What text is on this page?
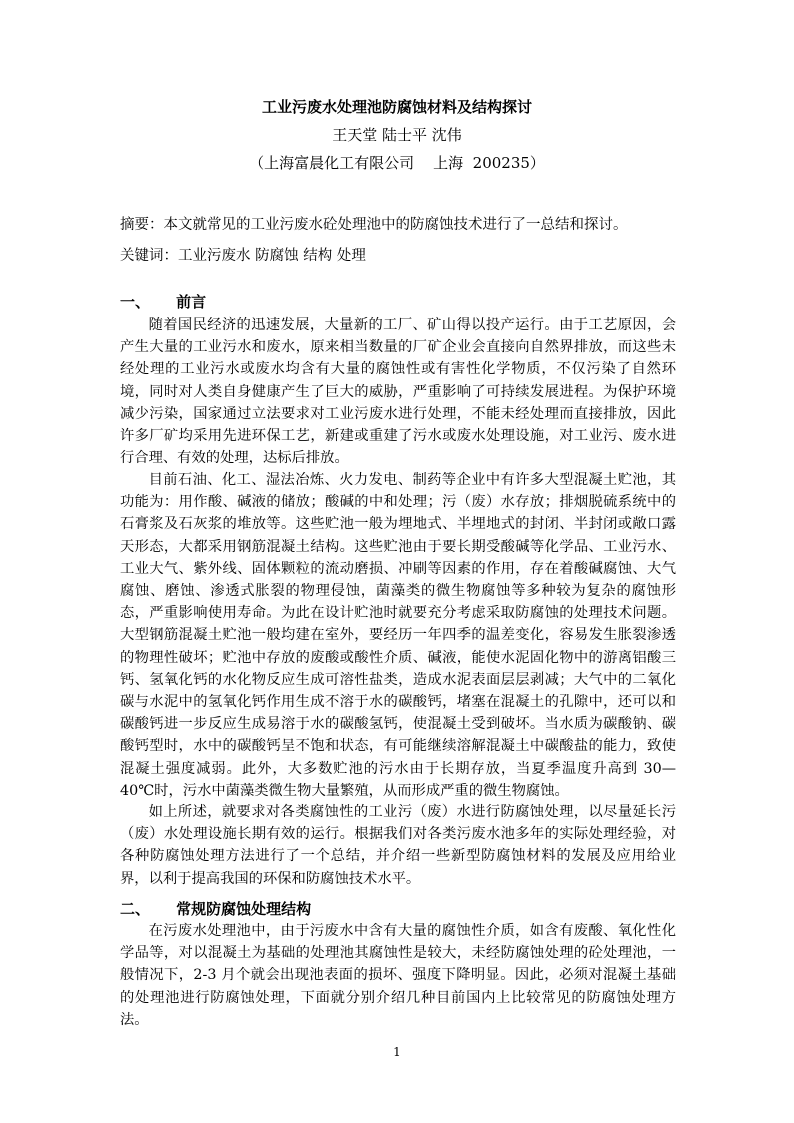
工业污废水处理池防腐蚀材料及结构探讨
王天堂 陆士平 沈伟
（上海富晨化工有限公司    上海  200235）
摘要：本文就常见的工业污废水砼处理池中的防腐蚀技术进行了一总结和探讨。
关键词：工业污废水 防腐蚀 结构 处理
一、     前言

随着国民经济的迅速发展，大量新的工厂、矿山得以投产运行。由于工艺原因，会产生大量的工业污水和废水，原来相当数量的厂矿企业会直接向自然界排放，而这些未经处理的工业污水或废水均含有大量的腐蚀性或有害性化学物质，不仅污染了自然环境，同时对人类自身健康产生了巨大的威胁，严重影响了可持续发展进程。为保护环境减少污染，国家通过立法要求对工业污废水进行处理，不能未经处理而直接排放，因此许多厂矿均采用先进环保工艺，新建或重建了污水或废水处理设施，对工业污、废水进行合理、有效的处理，达标后排放。

目前石油、化工、湿法冶炼、火力发电、制药等企业中有许多大型混凝土贮池，其功能为：用作酸、碱液的储放；酸碱的中和处理；污（废）水存放；排烟脱硫系统中的石膏浆及石灰浆的堆放等。这些贮池一般为埋地式、半埋地式的封闭、半封闭或敞口露天形态，大都采用钢筋混凝土结构。这些贮池由于要长期受酸碱等化学品、工业污水、工业大气、紫外线、固体颗粒的流动磨损、冲刷等因素的作用，存在着酸碱腐蚀、大气腐蚀、磨蚀、渗透式胀裂的物理侵蚀，菌藻类的微生物腐蚀等多种较为复杂的腐蚀形态，严重影响使用寿命。为此在设计贮池时就要充分考虑采取防腐蚀的处理技术问题。大型钢筋混凝土贮池一般均建在室外，要经历一年四季的温差变化，容易发生胀裂渗透的物理性破坏；贮池中存放的废酸或酸性介质、碱液，能使水泥固化物中的游离铝酸三钙、氢氧化钙的水化物反应生成可溶性盐类，造成水泥表面层层剥减；大气中的二氧化碳与水泥中的氢氧化钙作用生成不溶于水的碳酸钙，堵塞在混凝土的孔隙中，还可以和碳酸钙进一步反应生成易溶于水的碳酸氢钙，使混凝土受到破坏。当水质为碳酸钠、碳酸钙型时，水中的碳酸钙呈不饱和状态，有可能继续溶解混凝土中碳酸盐的能力，致使混凝土强度减弱。此外，大多数贮池的污水由于长期存放，当夏季温度升高到 30—40℃时，污水中菌藻类微生物大量繁殖，从而形成严重的微生物腐蚀。

如上所述，就要求对各类腐蚀性的工业污（废）水进行防腐蚀处理，以尽量延长污（废）水处理设施长期有效的运行。根据我们对各类污废水池多年的实际处理经验，对各种防腐蚀处理方法进行了一个总结，并介绍一些新型防腐蚀材料的发展及应用给业界，以利于提高我国的环保和防腐蚀技术水平。

二、     常规防腐蚀处理结构

在污废水处理池中，由于污废水中含有大量的腐蚀性介质，如含有废酸、氧化性化学品等，对以混凝土为基础的处理池其腐蚀性是较大，未经防腐蚀处理的砼处理池，一般情况下，2-3 月个就会出现池表面的损坏、强度下降明显。因此，必须对混凝土基础的处理池进行防腐蚀处理，下面就分别介绍几种目前国内上比较常见的防腐蚀处理方法。

1
